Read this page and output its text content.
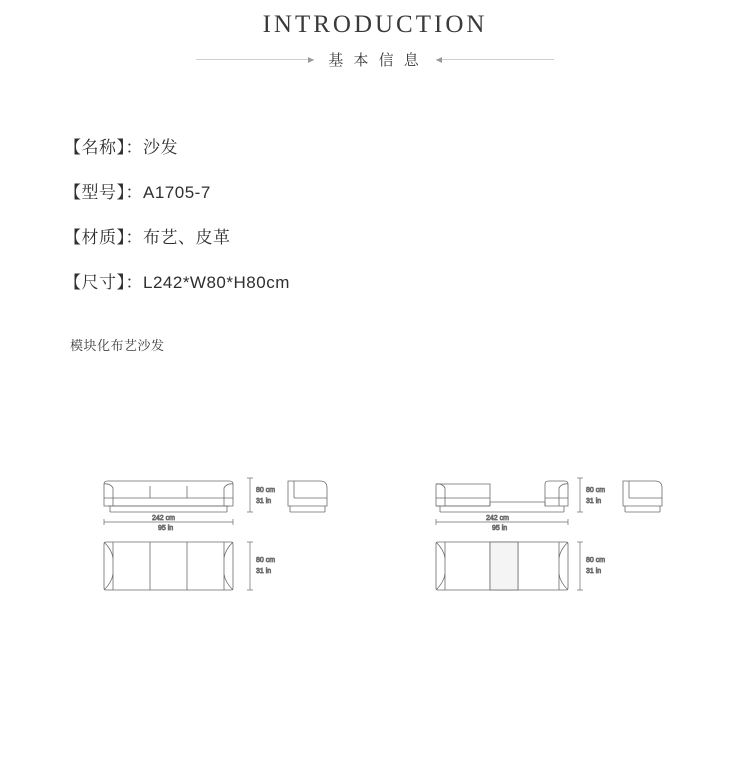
INTRODUCTION
基 本 信 息
【名称】：沙发
【型号】：A1705-7
【材质】：布艺、皮革
【尺寸】：L242*W80*H80cm
模块化布艺沙发
80 cm
31 in
242 cm
95 in
80 cm
31 in
80 cm
31 in
242 cm
95 in
80 cm
31 in
